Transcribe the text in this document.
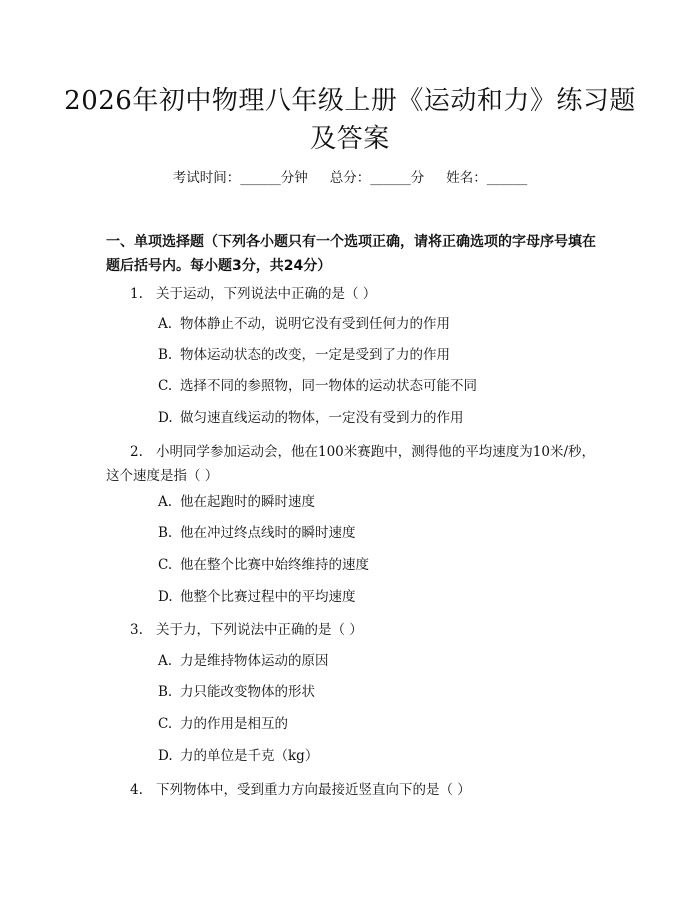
2026年初中物理八年级上册《运动和力》练习题及答案
考试时间：______分钟 总分：______分 姓名：______
一、单项选择题（下列各小题只有一个选项正确，请将正确选项的字母序号填在题后括号内。每小题3分，共24分）
1. 关于运动，下列说法中正确的是（ ）
A. 物体静止不动，说明它没有受到任何力的作用
B. 物体运动状态的改变，一定是受到了力的作用
C. 选择不同的参照物，同一物体的运动状态可能不同
D. 做匀速直线运动的物体，一定没有受到力的作用
2. 小明同学参加运动会，他在100米赛跑中，测得他的平均速度为10米/秒，这个速度是指（ ）
A. 他在起跑时的瞬时速度
B. 他在冲过终点线时的瞬时速度
C. 他在整个比赛中始终维持的速度
D. 他整个比赛过程中的平均速度
3. 关于力，下列说法中正确的是（ ）
A. 力是维持物体运动的原因
B. 力只能改变物体的形状
C. 力的作用是相互的
D. 力的单位是千克（kg）
4. 下列物体中，受到重力方向最接近竖直向下的是（ ）
